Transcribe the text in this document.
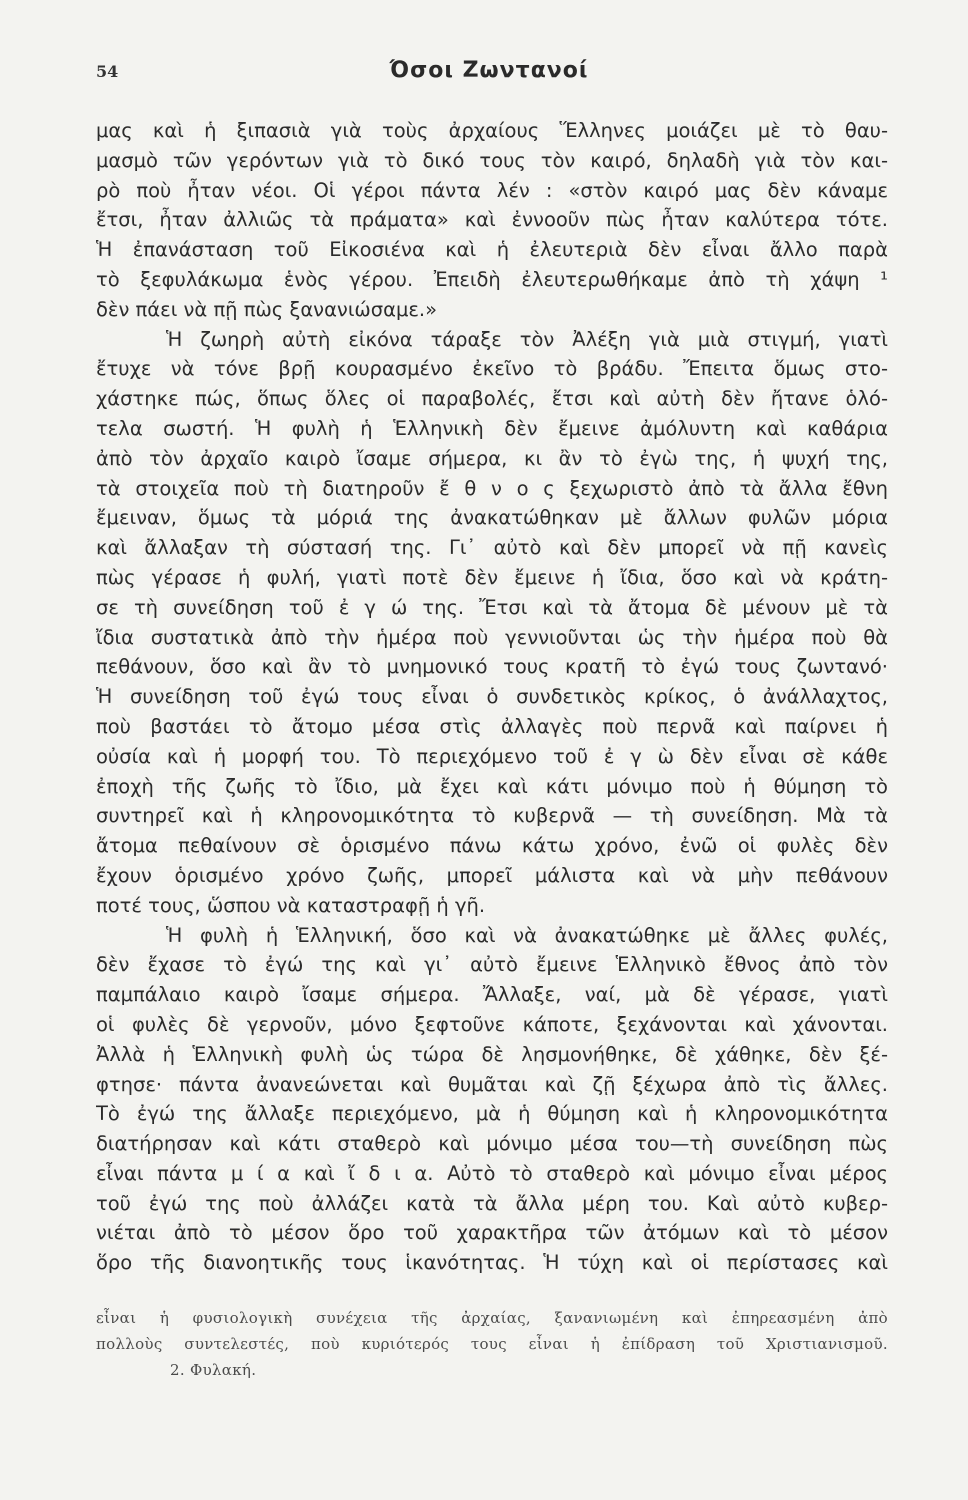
54	Όσοι Ζωντανοί
μας καὶ ἡ ξιπασιὰ γιὰ τοὺς ἀρχαίους Ἕλληνες μοιάζει μὲ τὸ θαυ-
μασμὸ τῶν γερόντων γιὰ τὸ δικό τους τὸν καιρό, δηλαδὴ γιὰ τὸν και-
ρὸ ποὺ ἦταν νέοι. Οἱ γέροι πάντα λέν : «στὸν καιρό μας δὲν κάναμε
ἔτσι, ἦταν ἀλλιῶς τὰ πράματα» καὶ ἐννοοῦν πὼς ἦταν καλύτερα τότε.
Ἡ ἐπανάσταση τοῦ Εἰκοσιένα καὶ ἡ ἐλευτεριὰ δὲν εἶναι ἄλλο παρὰ
τὸ ξεφυλάκωμα ἑνὸς γέρου. Ἐπειδὴ ἐλευτερωθήκαμε ἀπὸ τὴ χάψη ¹
δὲν πάει νὰ πῇ πὼς ξανανιώσαμε.»
Ἡ ζωηρὴ αὐτὴ εἰκόνα τάραξε τὸν Ἀλέξη γιὰ μιὰ στιγμή, γιατὶ
ἔτυχε νὰ τόνε βρῇ κουρασμένο ἐκεῖνο τὸ βράδυ. Ἔπειτα ὅμως στο-
χάστηκε πώς, ὅπως ὅλες οἱ παραβολές, ἔτσι καὶ αὐτὴ δὲν ἤτανε ὁλό-
τελα σωστή. Ἡ φυλὴ ἡ Ἑλληνικὴ δὲν ἔμεινε ἀμόλυντη καὶ καθάρια
ἀπὸ τὸν ἀρχαῖο καιρὸ ἴσαμε σήμερα, κι ἂν τὸ ἐγὼ της, ἡ ψυχή της,
τὰ στοιχεῖα ποὺ τὴ διατηροῦν ἔ θ ν ο ς ξεχωριστὸ ἀπὸ τὰ ἄλλα ἔθνη
ἔμειναν, ὅμως τὰ μόριά της ἀνακατώθηκαν μὲ ἄλλων φυλῶν μόρια
καὶ ἄλλαξαν τὴ σύστασή της. Γι᾿ αὐτὸ καὶ δὲν μπορεῖ νὰ πῇ κανεὶς
πὼς γέρασε ἡ φυλή, γιατὶ ποτὲ δὲν ἔμεινε ἡ ἴδια, ὅσο καὶ νὰ κράτη-
σε τὴ συνείδηση τοῦ ἐ γ ώ της. Ἔτσι καὶ τὰ ἄτομα δὲ μένουν μὲ τὰ
ἴδια συστατικὰ ἀπὸ τὴν ἡμέρα ποὺ γεννιοῦνται ὡς τὴν ἡμέρα ποὺ θὰ
πεθάνουν, ὅσο καὶ ἂν τὸ μνημονικό τους κρατῆ τὸ ἐγώ τους ζωντανό·
Ἡ συνείδηση τοῦ ἐγώ τους εἶναι ὁ συνδετικὸς κρίκος, ὁ ἀνάλλαχτος,
ποὺ βαστάει τὸ ἄτομο μέσα στὶς ἀλλαγὲς ποὺ περνᾶ καὶ παίρνει ἡ
οὐσία καὶ ἡ μορφή του. Τὸ περιεχόμενο τοῦ ἐ γ ὼ δὲν εἶναι σὲ κάθε
ἐποχὴ τῆς ζωῆς τὸ ἴδιο, μὰ ἔχει καὶ κάτι μόνιμο ποὺ ἡ θύμηση τὸ
συντηρεῖ καὶ ἡ κληρονομικότητα τὸ κυβερνᾶ — τὴ συνείδηση. Μὰ τὰ
ἄτομα πεθαίνουν σὲ ὁρισμένο πάνω κάτω χρόνο, ἐνῶ οἱ φυλὲς δὲν
ἔχουν ὁρισμένο χρόνο ζωῆς, μπορεῖ μάλιστα καὶ νὰ μὴν πεθάνουν
ποτέ τους, ὥσπου νὰ καταστραφῇ ἡ γῆ.
Ἡ φυλὴ ἡ Ἑλληνική, ὅσο καὶ νὰ ἀνακατώθηκε μὲ ἄλλες φυλές,
δὲν ἔχασε τὸ ἐγώ της καὶ γι᾿ αὐτὸ ἔμεινε Ἑλληνικὸ ἔθνος ἀπὸ τὸν
παμπάλαιο καιρὸ ἴσαμε σήμερα. Ἄλλαξε, ναί, μὰ δὲ γέρασε, γιατὶ
οἱ φυλὲς δὲ γερνοῦν, μόνο ξεφτοῦνε κάποτε, ξεχάνονται καὶ χάνονται.
Ἀλλὰ ἡ Ἑλληνικὴ φυλὴ ὡς τώρα δὲ λησμονήθηκε, δὲ χάθηκε, δὲν ξέ-
φτησε· πάντα ἀνανεώνεται καὶ θυμᾶται καὶ ζῇ ξέχωρα ἀπὸ τὶς ἄλλες.
Τὸ ἐγώ της ἄλλαξε περιεχόμενο, μὰ ἡ θύμηση καὶ ἡ κληρονομικότητα
διατήρησαν καὶ κάτι σταθερὸ καὶ μόνιμο μέσα του—τὴ συνείδηση πὼς
εἶναι πάντα μ ί α καὶ ἴ δ ι α. Αὐτὸ τὸ σταθερὸ καὶ μόνιμο εἶναι μέρος
τοῦ ἐγώ της ποὺ ἀλλάζει κατὰ τὰ ἄλλα μέρη του. Καὶ αὐτὸ κυβερ-
νιέται ἀπὸ τὸ μέσον ὅρο τοῦ χαρακτῆρα τῶν ἀτόμων καὶ τὸ μέσον
ὅρο τῆς διανοητικῆς τους ἱκανότητας. Ἡ τύχη καὶ οἱ περίστασες καὶ
εἶναι ἡ φυσιολογικὴ συνέχεια τῆς ἀρχαίας, ξανανιωμένη καὶ ἐπηρεασμένη ἀπὸ
πολλοὺς συντελεστές, ποὺ κυριότερός τους εἶναι ἡ ἐπίδραση τοῦ Χριστιανισμοῦ.
2. Φυλακή.
